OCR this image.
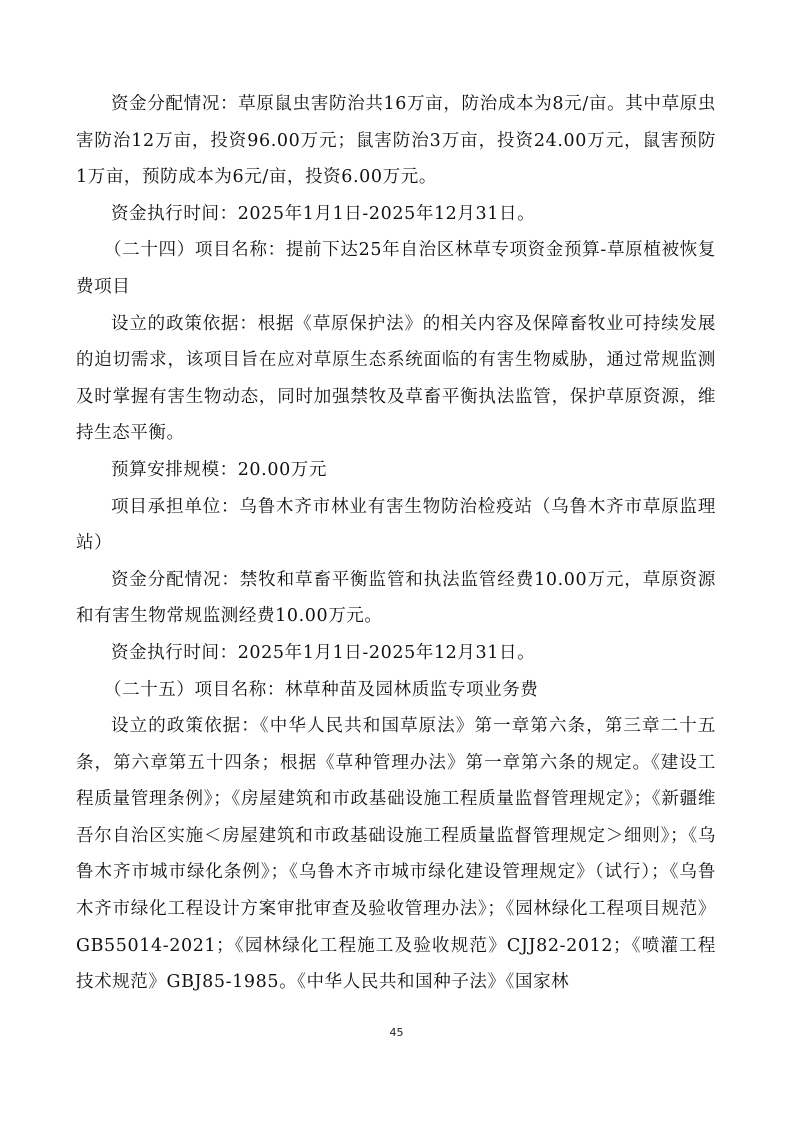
资金分配情况：草原鼠虫害防治共16万亩，防治成本为8元/亩。其中草原虫害防治12万亩，投资96.00万元；鼠害防治3万亩，投资24.00万元，鼠害预防1万亩，预防成本为6元/亩，投资6.00万元。

资金执行时间：2025年1月1日-2025年12月31日。

（二十四）项目名称：提前下达25年自治区林草专项资金预算-草原植被恢复费项目

设立的政策依据：根据《草原保护法》的相关内容及保障畜牧业可持续发展的迫切需求，该项目旨在应对草原生态系统面临的有害生物威胁，通过常规监测及时掌握有害生物动态，同时加强禁牧及草畜平衡执法监管，保护草原资源，维持生态平衡。

预算安排规模：20.00万元

项目承担单位：乌鲁木齐市林业有害生物防治检疫站（乌鲁木齐市草原监理站）

资金分配情况：禁牧和草畜平衡监管和执法监管经费10.00万元，草原资源和有害生物常规监测经费10.00万元。

资金执行时间：2025年1月1日-2025年12月31日。

（二十五）项目名称：林草种苗及园林质监专项业务费

设立的政策依据：《中华人民共和国草原法》第一章第六条，第三章二十五条，第六章第五十四条；根据《草种管理办法》第一章第六条的规定。《建设工程质量管理条例》；《房屋建筑和市政基础设施工程质量监督管理规定》；《新疆维吾尔自治区实施＜房屋建筑和市政基础设施工程质量监督管理规定＞细则》；《乌鲁木齐市城市绿化条例》；《乌鲁木齐市城市绿化建设管理规定》（试行）；《乌鲁木齐市绿化工程设计方案审批审查及验收管理办法》；《园林绿化工程项目规范》GB55014-2021；《园林绿化工程施工及验收规范》CJJ82-2012；《喷灌工程技术规范》GBJ85-1985。《中华人民共和国种子法》《国家林

45
